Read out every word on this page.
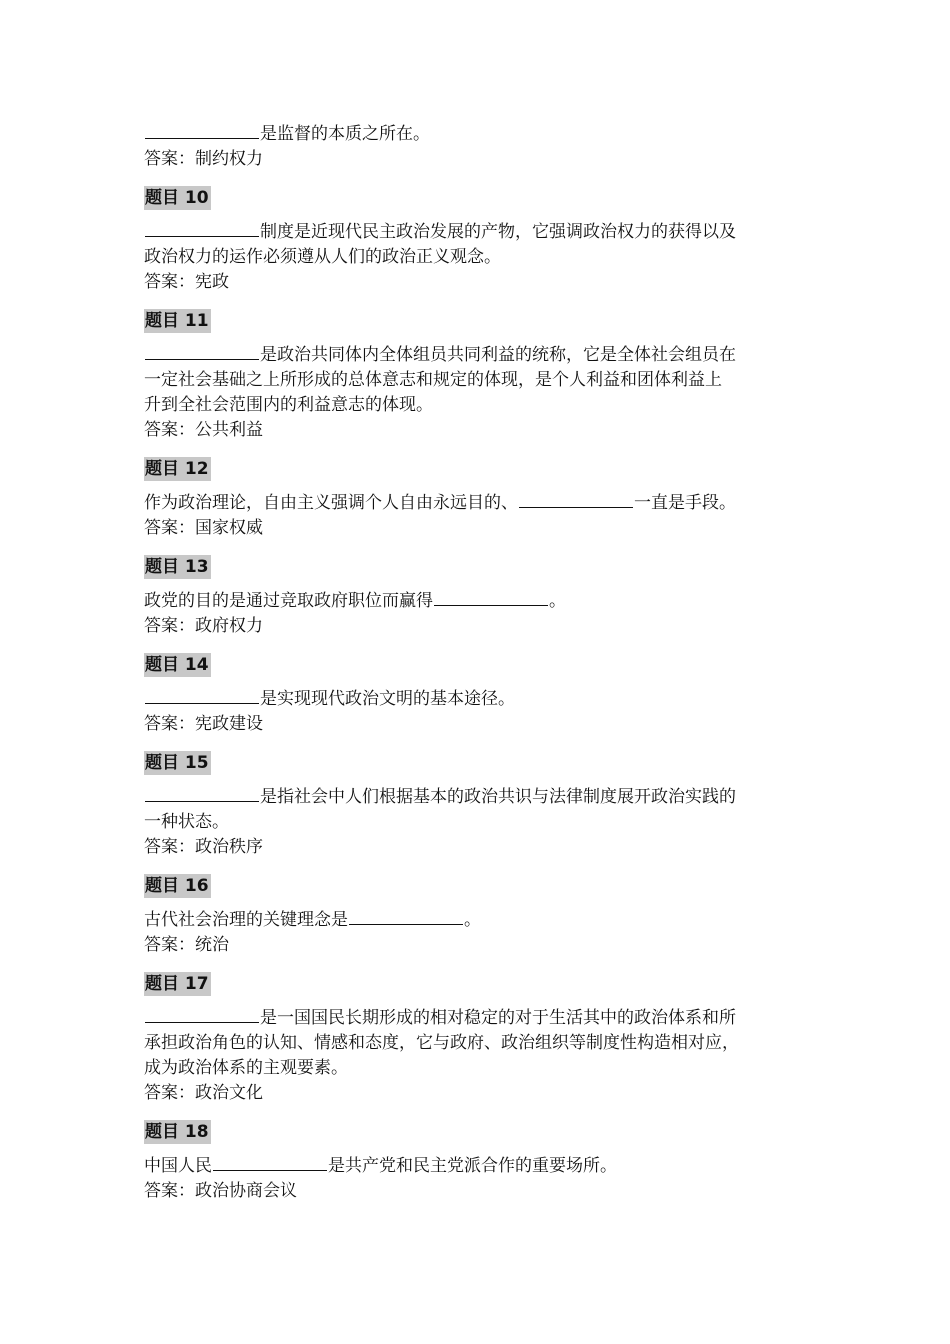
是监督的本质之所在。
答案：制约权力
题目 10
制度是近现代民主政治发展的产物，它强调政治权力的获得以及
政治权力的运作必须遵从人们的政治正义观念。
答案：宪政
题目 11
是政治共同体内全体组员共同利益的统称，它是全体社会组员在
一定社会基础之上所形成的总体意志和规定的体现，是个人利益和团体利益上
升到全社会范围内的利益意志的体现。
答案：公共利益
题目 12
作为政治理论，自由主义强调个人自由永远目的、	一直是手段。
答案：国家权威
题目 13
政党的目的是通过竞取政府职位而赢得	。
答案：政府权力
题目 14
是实现现代政治文明的基本途径。
答案：宪政建设
题目 15
是指社会中人们根据基本的政治共识与法律制度展开政治实践的
一种状态。
答案：政治秩序
题目 16
古代社会治理的关键理念是	。
答案：统治
题目 17
是一国国民长期形成的相对稳定的对于生活其中的政治体系和所
承担政治角色的认知、情感和态度，它与政府、政治组织等制度性构造相对应，
成为政治体系的主观要素。
答案：政治文化
题目 18
中国人民	是共产党和民主党派合作的重要场所。
答案：政治协商会议
